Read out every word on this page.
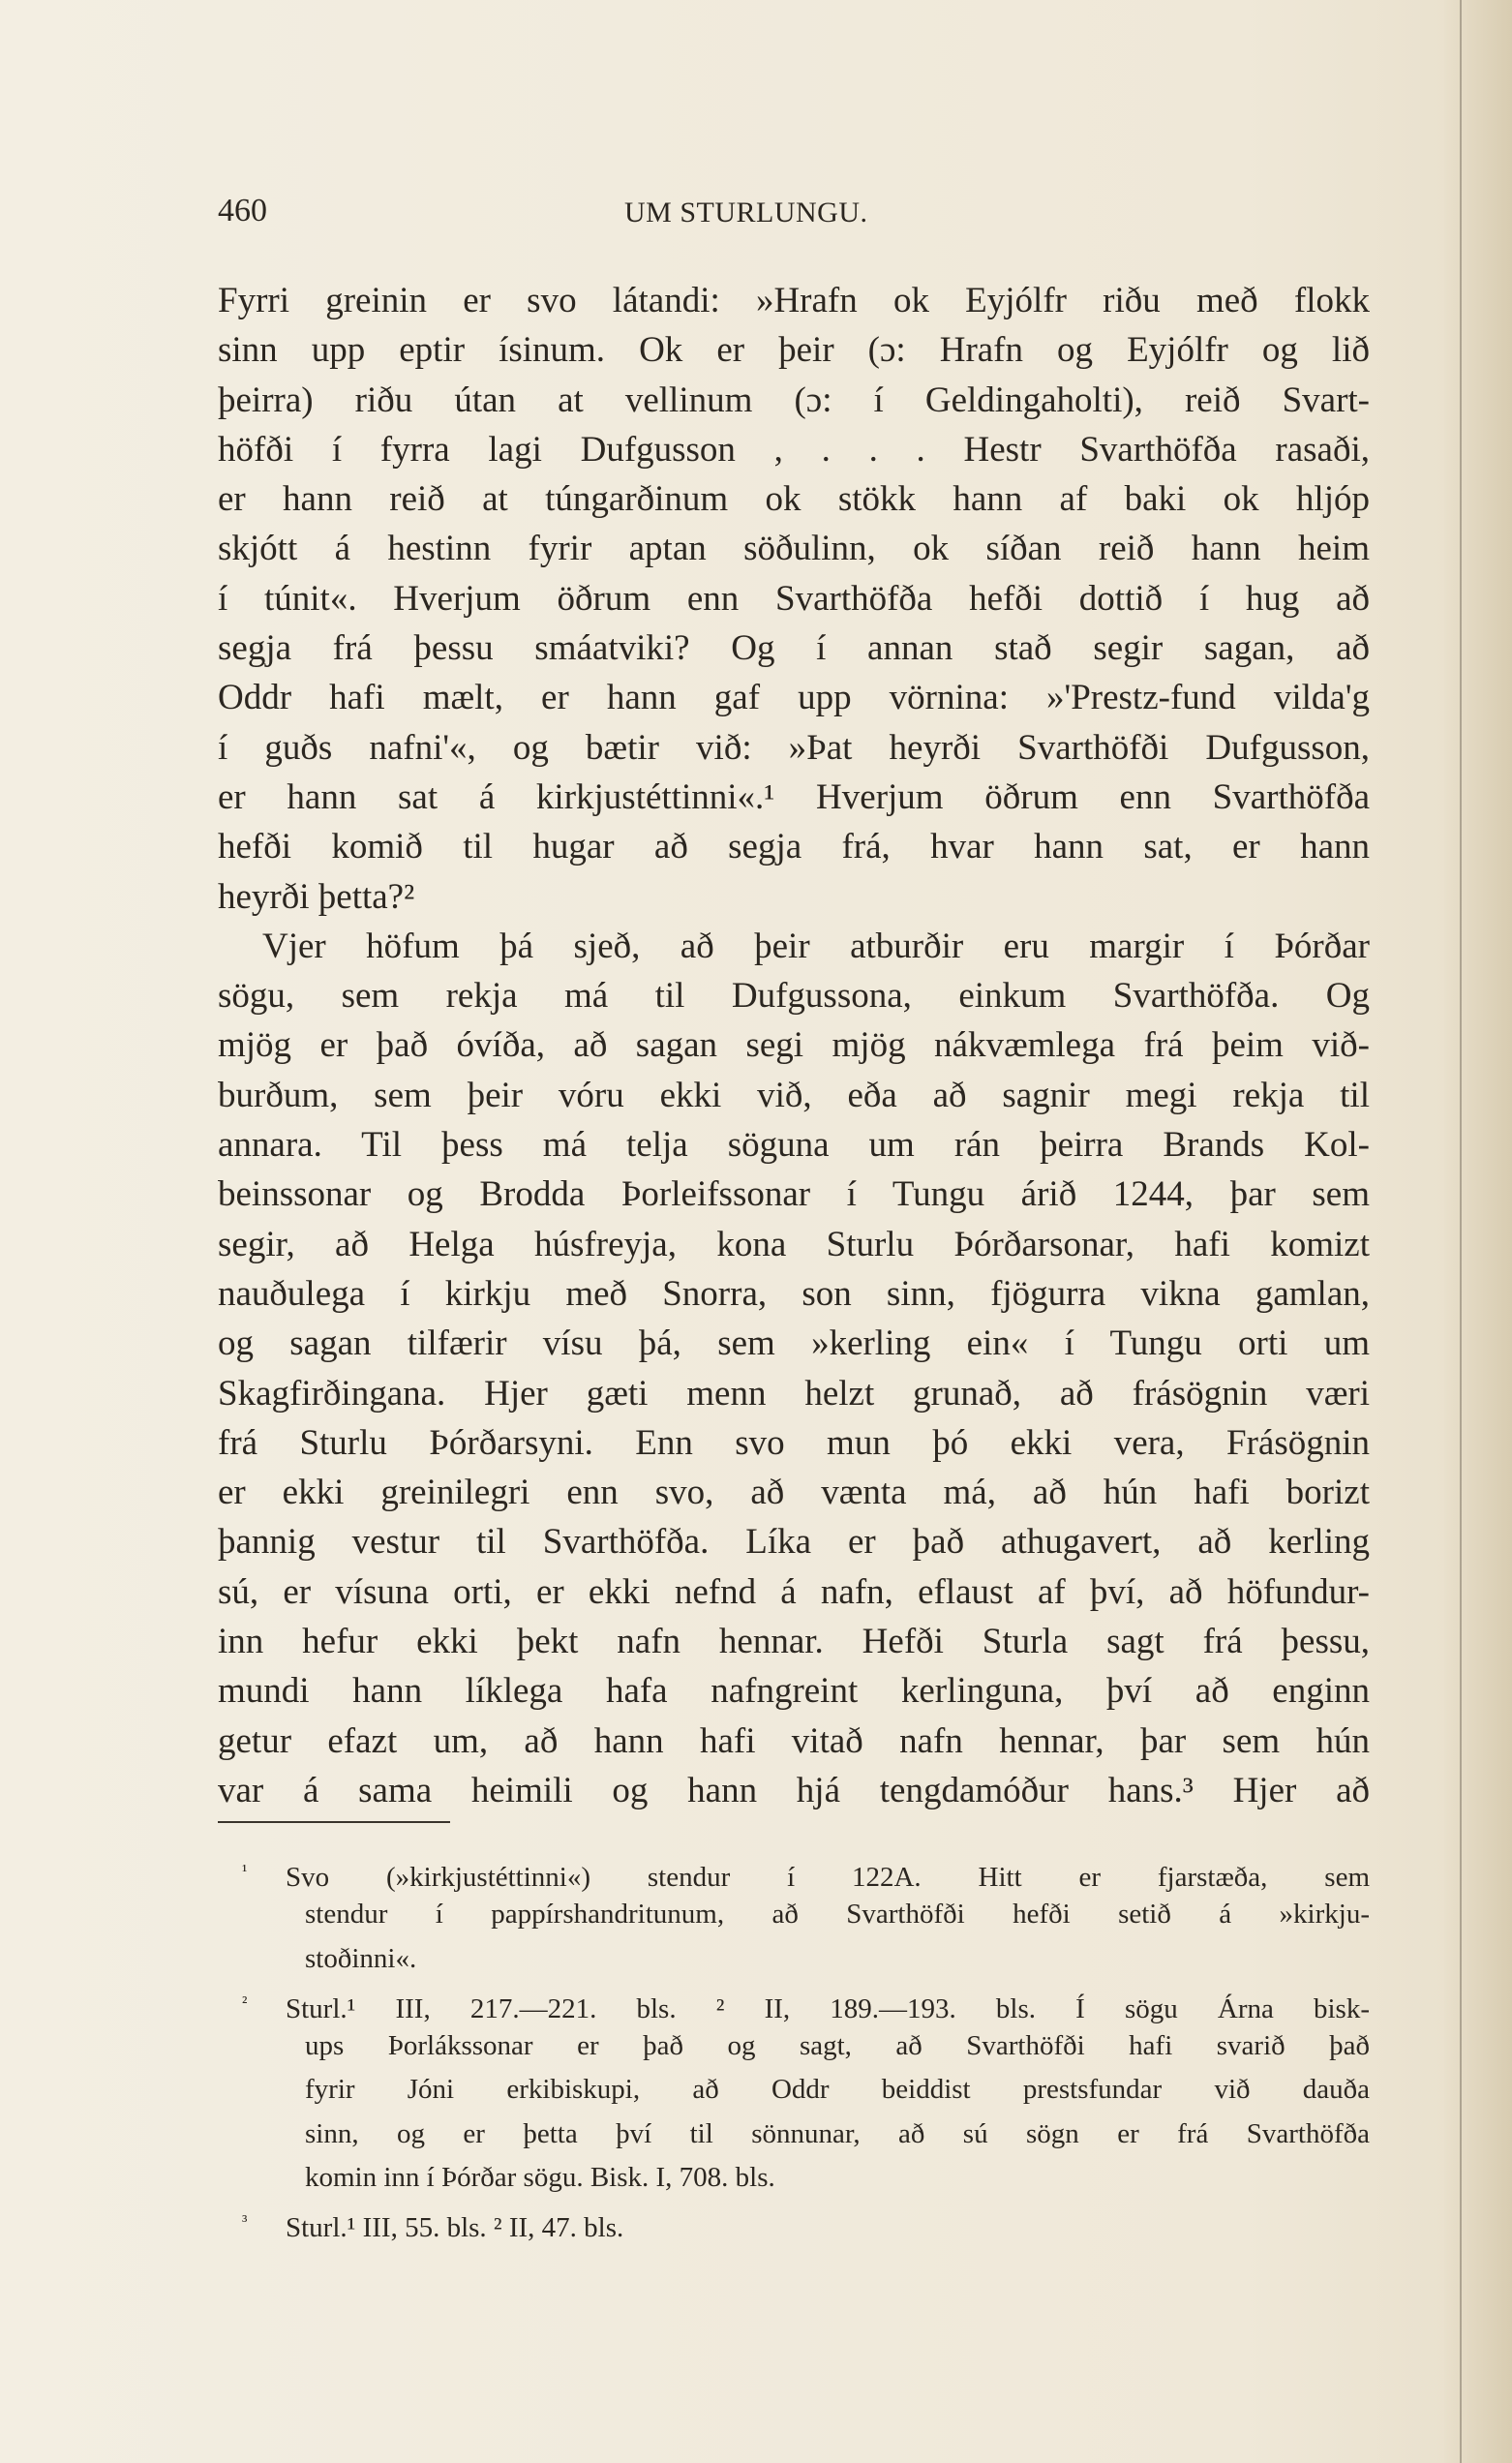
460	UM STURLUNGU.

Fyrri greinin er svo látandi: »Hrafn ok Eyjólfr riðu með flokk

sinn upp eptir ísinum. Ok er þeir (ɔ: Hrafn og Eyjólfr og lið

þeirra) riðu útan at vellinum (ɔ: í Geldingaholti), reið Svart-

höfði í fyrra lagi Dufgusson , . . . Hestr Svarthöfða rasaði,

er hann reið at túngarðinum ok stökk hann af baki ok hljóp

skjótt á hestinn fyrir aptan söðulinn, ok síðan reið hann heim

í túnit«. Hverjum öðrum enn Svarthöfða hefði dottið í hug að

segja frá þessu smáatviki? Og í annan stað segir sagan, að

Oddr hafi mælt, er hann gaf upp vörnina: »'Prestz-fund vilda'g

í guðs nafni'«, og bætir við: »Þat heyrði Svarthöfði Dufgusson,

er hann sat á kirkjustéttinni«.¹ Hverjum öðrum enn Svarthöfða

hefði komið til hugar að segja frá, hvar hann sat, er hann

heyrði þetta?²

Vjer höfum þá sjeð, að þeir atburðir eru margir í Þórðar

sögu, sem rekja má til Dufgussona, einkum Svarthöfða. Og

mjög er það óvíða, að sagan segi mjög nákvæmlega frá þeim við-

burðum, sem þeir vóru ekki við, eða að sagnir megi rekja til

annara. Til þess má telja söguna um rán þeirra Brands Kol-

beinssonar og Brodda Þorleifssonar í Tungu árið 1244, þar sem

segir, að Helga húsfreyja, kona Sturlu Þórðarsonar, hafi komizt

nauðulega í kirkju með Snorra, son sinn, fjögurra vikna gamlan,

og sagan tilfærir vísu þá, sem »kerling ein« í Tungu orti um

Skagfirðingana. Hjer gæti menn helzt grunað, að frásögnin væri

frá Sturlu Þórðarsyni. Enn svo mun þó ekki vera, Frásögnin

er ekki greinilegri enn svo, að vænta má, að hún hafi borizt

þannig vestur til Svarthöfða. Líka er það athugavert, að kerling

sú, er vísuna orti, er ekki nefnd á nafn, eflaust af því, að höfundur-

inn hefur ekki þekt nafn hennar. Hefði Sturla sagt frá þessu,

mundi hann líklega hafa nafngreint kerlinguna, því að enginn

getur efazt um, að hann hafi vitað nafn hennar, þar sem hún

var á sama heimili og hann hjá tengdamóður hans.³ Hjer að

¹ Svo (»kirkjustéttinni«) stendur í 122A. Hitt er fjarstæða, sem

stendur í pappírshandritunum, að Svarthöfði hefði setið á »kirkju-

stoðinni«.

² Sturl.¹ III, 217.—221. bls. ² II, 189.—193. bls. Í sögu Árna bisk-

ups Þorlákssonar er það og sagt, að Svarthöfði hafi svarið það

fyrir Jóni erkibiskupi, að Oddr beiddist prestsfundar við dauða

sinn, og er þetta því til sönnunar, að sú sögn er frá Svarthöfða

komin inn í Þórðar sögu. Bisk. I, 708. bls.

³ Sturl.¹ III, 55. bls. ² II, 47. bls.
